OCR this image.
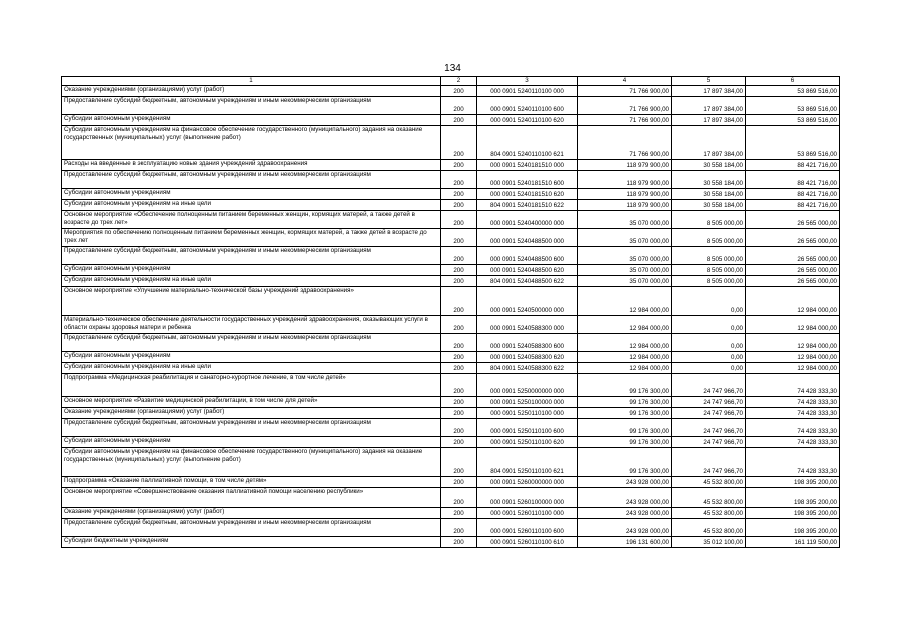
134
1	2	3	4	5	6
Оказание учреждениями (организациями) услуг (работ)	200	000 0901 5240110100 000	71 766 900,00	17 897 384,00	53 869 516,00
Предоставление субсидий бюджетным, автономным учреждениям и иным некоммерческим организациям	200	000 0901 5240110100 600	71 766 900,00	17 897 384,00	53 869 516,00
Субсидии автономным учреждениям	200	000 0901 5240110100 620	71 766 900,00	17 897 384,00	53 869 516,00
Субсидии автономным учреждениям на финансовое обеспечение государственного (муниципального) задания на оказание государственных (муниципальных) услуг (выполнение работ)	200	804 0901 5240110100 621	71 766 900,00	17 897 384,00	53 869 516,00
Расходы на введенные в эксплуатацию новые здания учреждений здравоохранения	200	000 0901 5240181510 000	118 979 900,00	30 558 184,00	88 421 716,00
Предоставление субсидий бюджетным, автономным учреждениям и иным некоммерческим организациям	200	000 0901 5240181510 600	118 979 900,00	30 558 184,00	88 421 716,00
Субсидии автономным учреждениям	200	000 0901 5240181510 620	118 979 900,00	30 558 184,00	88 421 716,00
Субсидии автономным учреждениям на иные цели	200	804 0901 5240181510 622	118 979 900,00	30 558 184,00	88 421 716,00
Основное мероприятие «Обеспечение полноценным питанием беременных женщин, кормящих матерей, а также детей в возрасте до трех лет»	200	000 0901 5240400000 000	35 070 000,00	8 505 000,00	26 565 000,00
Мероприятия по обеспечению полноценным питанием беременных женщин, кормящих матерей, а также детей в возрасте до трех лет	200	000 0901 5240488500 000	35 070 000,00	8 505 000,00	26 565 000,00
Предоставление субсидий бюджетным, автономным учреждениям и иным некоммерческим организациям	200	000 0901 5240488500 600	35 070 000,00	8 505 000,00	26 565 000,00
Субсидии автономным учреждениям	200	000 0901 5240488500 620	35 070 000,00	8 505 000,00	26 565 000,00
Субсидии автономным учреждениям на иные цели	200	804 0901 5240488500 622	35 070 000,00	8 505 000,00	26 565 000,00
Основное мероприятие «Улучшение материально-технической базы учреждений здравоохранения»	200	000 0901 5240500000 000	12 984 000,00	0,00	12 984 000,00
Материально-техническое обеспечение деятельности государственных учреждений здравоохранения, оказывающих услуги в области охраны здоровья матери и ребенка	200	000 0901 5240588300 000	12 984 000,00	0,00	12 984 000,00
Предоставление субсидий бюджетным, автономным учреждениям и иным некоммерческим организациям	200	000 0901 5240588300 600	12 984 000,00	0,00	12 984 000,00
Субсидии автономным учреждениям	200	000 0901 5240588300 620	12 984 000,00	0,00	12 984 000,00
Субсидии автономным учреждениям на иные цели	200	804 0901 5240588300 622	12 984 000,00	0,00	12 984 000,00
Подпрограмма «Медицинская реабилитация и санаторно-курортное лечение, в том числе детей»	200	000 0901 5250000000 000	99 176 300,00	24 747 966,70	74 428 333,30
Основное мероприятие «Развитие медицинской реабилитации, в том числе для детей»	200	000 0901 5250100000 000	99 176 300,00	24 747 966,70	74 428 333,30
Оказание учреждениями (организациями) услуг (работ)	200	000 0901 5250110100 000	99 176 300,00	24 747 966,70	74 428 333,30
Предоставление субсидий бюджетным, автономным учреждениям и иным некоммерческим организациям	200	000 0901 5250110100 600	99 176 300,00	24 747 966,70	74 428 333,30
Субсидии автономным учреждениям	200	000 0901 5250110100 620	99 176 300,00	24 747 966,70	74 428 333,30
Субсидии автономным учреждениям на финансовое обеспечение государственного (муниципального) задания на оказание государственных (муниципальных) услуг (выполнение работ)	200	804 0901 5250110100 621	99 176 300,00	24 747 966,70	74 428 333,30
Подпрограмма «Оказание паллиативной помощи, в том числе детям»	200	000 0901 5260000000 000	243 928 000,00	45 532 800,00	198 395 200,00
Основное мероприятие «Совершенствование оказания паллиативной помощи населению республики»	200	000 0901 5260100000 000	243 928 000,00	45 532 800,00	198 395 200,00
Оказание учреждениями (организациями) услуг (работ)	200	000 0901 5260110100 000	243 928 000,00	45 532 800,00	198 395 200,00
Предоставление субсидий бюджетным, автономным учреждениям и иным некоммерческим организациям	200	000 0901 5260110100 600	243 928 000,00	45 532 800,00	198 395 200,00
Субсидии бюджетным учреждениям	200	000 0901 5260110100 610	196 131 600,00	35 012 100,00	161 119 500,00
